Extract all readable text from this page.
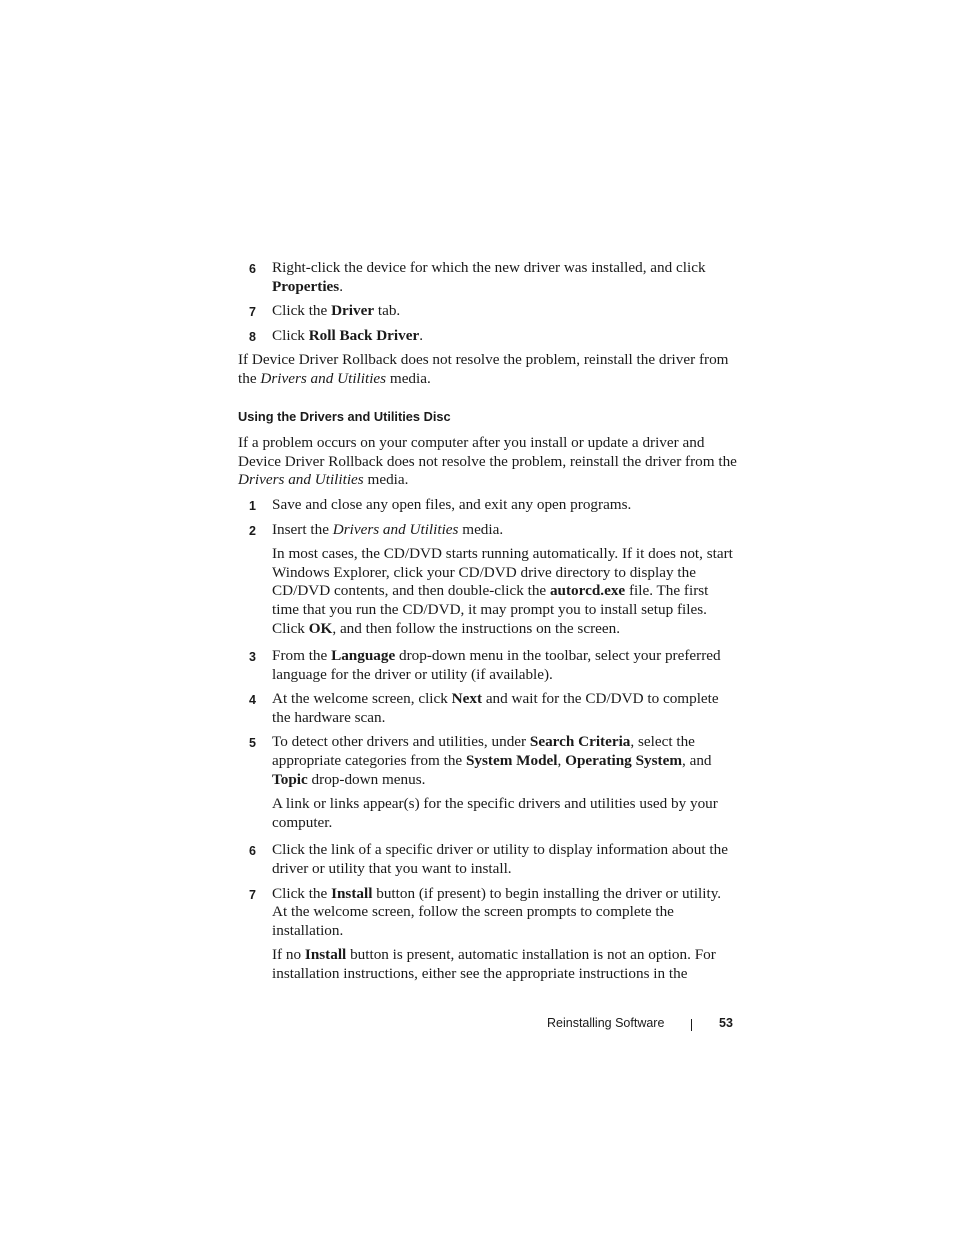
6 Right-click the device for which the new driver was installed, and click Properties.
7 Click the Driver tab.
8 Click Roll Back Driver.

If Device Driver Rollback does not resolve the problem, reinstall the driver from the Drivers and Utilities media.

Using the Drivers and Utilities Disc

If a problem occurs on your computer after you install or update a driver and Device Driver Rollback does not resolve the problem, reinstall the driver from the Drivers and Utilities media.

1 Save and close any open files, and exit any open programs.
2 Insert the Drivers and Utilities media.

In most cases, the CD/DVD starts running automatically. If it does not, start Windows Explorer, click your CD/DVD drive directory to display the CD/DVD contents, and then double-click the autorcd.exe file. The first time that you run the CD/DVD, it may prompt you to install setup files. Click OK, and then follow the instructions on the screen.

3 From the Language drop-down menu in the toolbar, select your preferred language for the driver or utility (if available).
4 At the welcome screen, click Next and wait for the CD/DVD to complete the hardware scan.
5 To detect other drivers and utilities, under Search Criteria, select the appropriate categories from the System Model, Operating System, and Topic drop-down menus.

A link or links appear(s) for the specific drivers and utilities used by your computer.

6 Click the link of a specific driver or utility to display information about the driver or utility that you want to install.
7 Click the Install button (if present) to begin installing the driver or utility. At the welcome screen, follow the screen prompts to complete the installation.

If no Install button is present, automatic installation is not an option. For installation instructions, either see the appropriate instructions in the

Reinstalling Software	53
